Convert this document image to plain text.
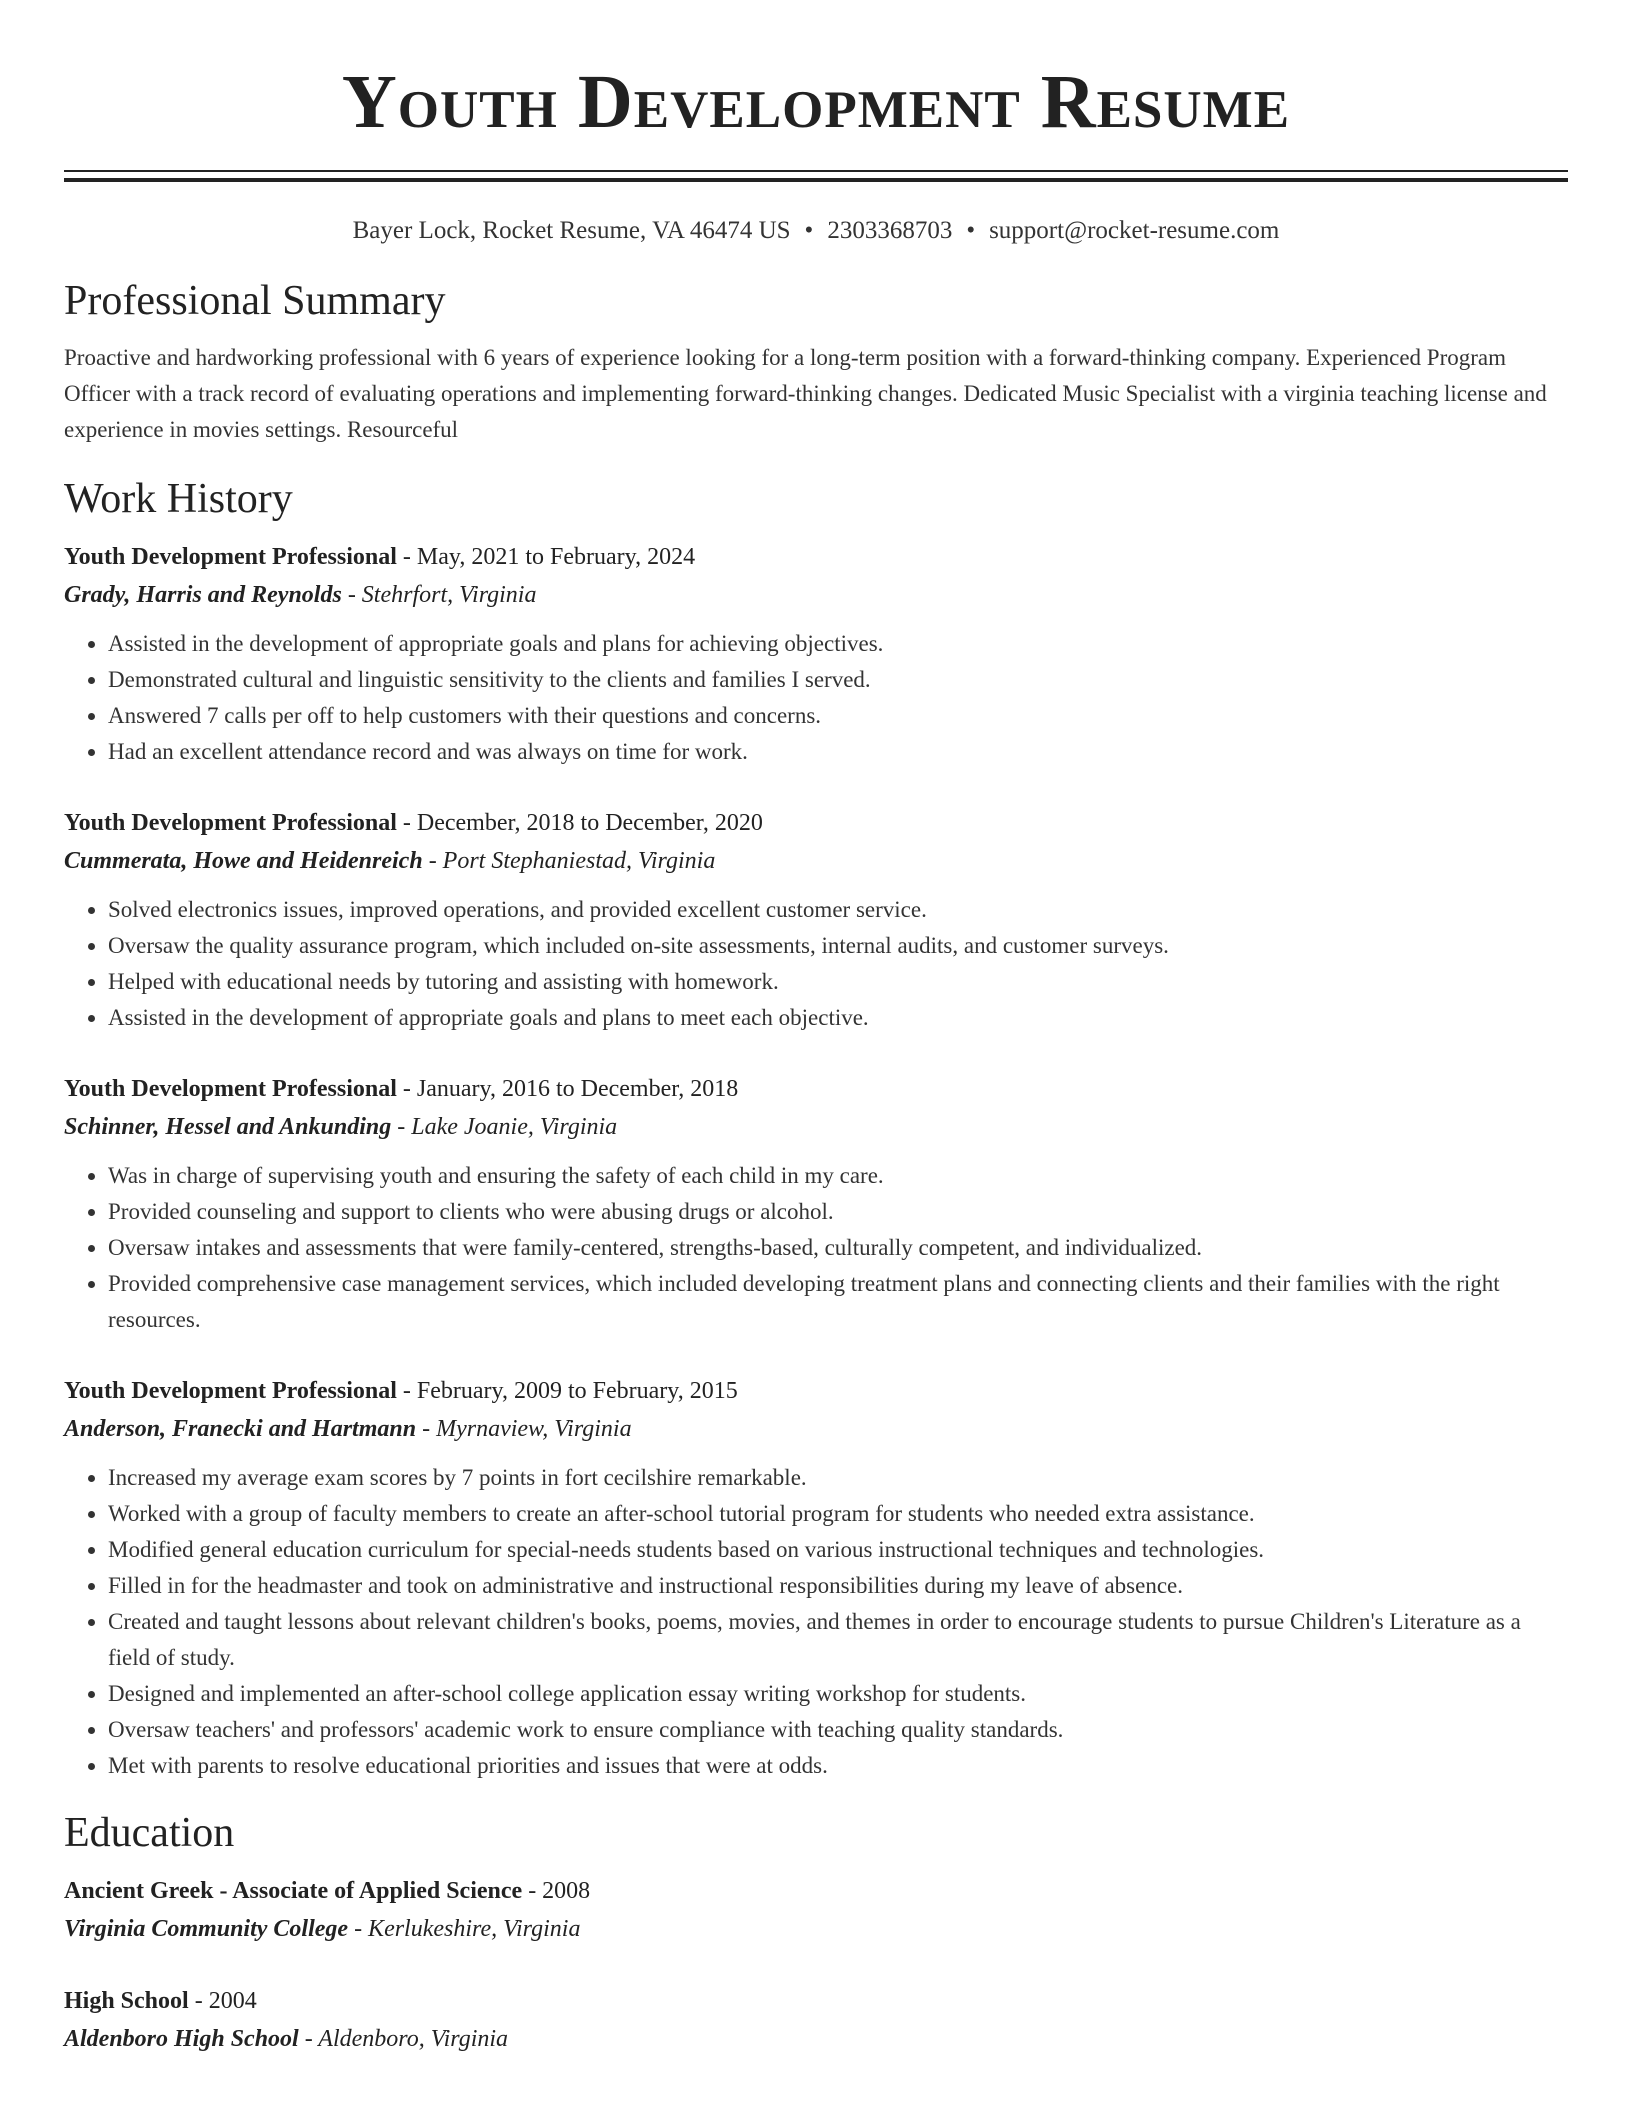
Youth Development Resume
Bayer Lock, Rocket Resume, VA 46474 US • 2303368703 • support@rocket-resume.com
Professional Summary
Proactive and hardworking professional with 6 years of experience looking for a long-term position with a forward-thinking company. Experienced Program Officer with a track record of evaluating operations and implementing forward-thinking changes. Dedicated Music Specialist with a virginia teaching license and experience in movies settings. Resourceful
Work History
Youth Development Professional - May, 2021 to February, 2024
Grady, Harris and Reynolds - Stehrfort, Virginia
• Assisted in the development of appropriate goals and plans for achieving objectives.
• Demonstrated cultural and linguistic sensitivity to the clients and families I served.
• Answered 7 calls per off to help customers with their questions and concerns.
• Had an excellent attendance record and was always on time for work.
Youth Development Professional - December, 2018 to December, 2020
Cummerata, Howe and Heidenreich - Port Stephaniestad, Virginia
• Solved electronics issues, improved operations, and provided excellent customer service.
• Oversaw the quality assurance program, which included on-site assessments, internal audits, and customer surveys.
• Helped with educational needs by tutoring and assisting with homework.
• Assisted in the development of appropriate goals and plans to meet each objective.
Youth Development Professional - January, 2016 to December, 2018
Schinner, Hessel and Ankunding - Lake Joanie, Virginia
• Was in charge of supervising youth and ensuring the safety of each child in my care.
• Provided counseling and support to clients who were abusing drugs or alcohol.
• Oversaw intakes and assessments that were family-centered, strengths-based, culturally competent, and individualized.
• Provided comprehensive case management services, which included developing treatment plans and connecting clients and their families with the right resources.
Youth Development Professional - February, 2009 to February, 2015
Anderson, Franecki and Hartmann - Myrnaview, Virginia
• Increased my average exam scores by 7 points in fort cecilshire remarkable.
• Worked with a group of faculty members to create an after-school tutorial program for students who needed extra assistance.
• Modified general education curriculum for special-needs students based on various instructional techniques and technologies.
• Filled in for the headmaster and took on administrative and instructional responsibilities during my leave of absence.
• Created and taught lessons about relevant children's books, poems, movies, and themes in order to encourage students to pursue Children's Literature as a field of study.
• Designed and implemented an after-school college application essay writing workshop for students.
• Oversaw teachers' and professors' academic work to ensure compliance with teaching quality standards.
• Met with parents to resolve educational priorities and issues that were at odds.
Education
Ancient Greek - Associate of Applied Science - 2008
Virginia Community College - Kerlukeshire, Virginia
High School - 2004
Aldenboro High School - Aldenboro, Virginia
